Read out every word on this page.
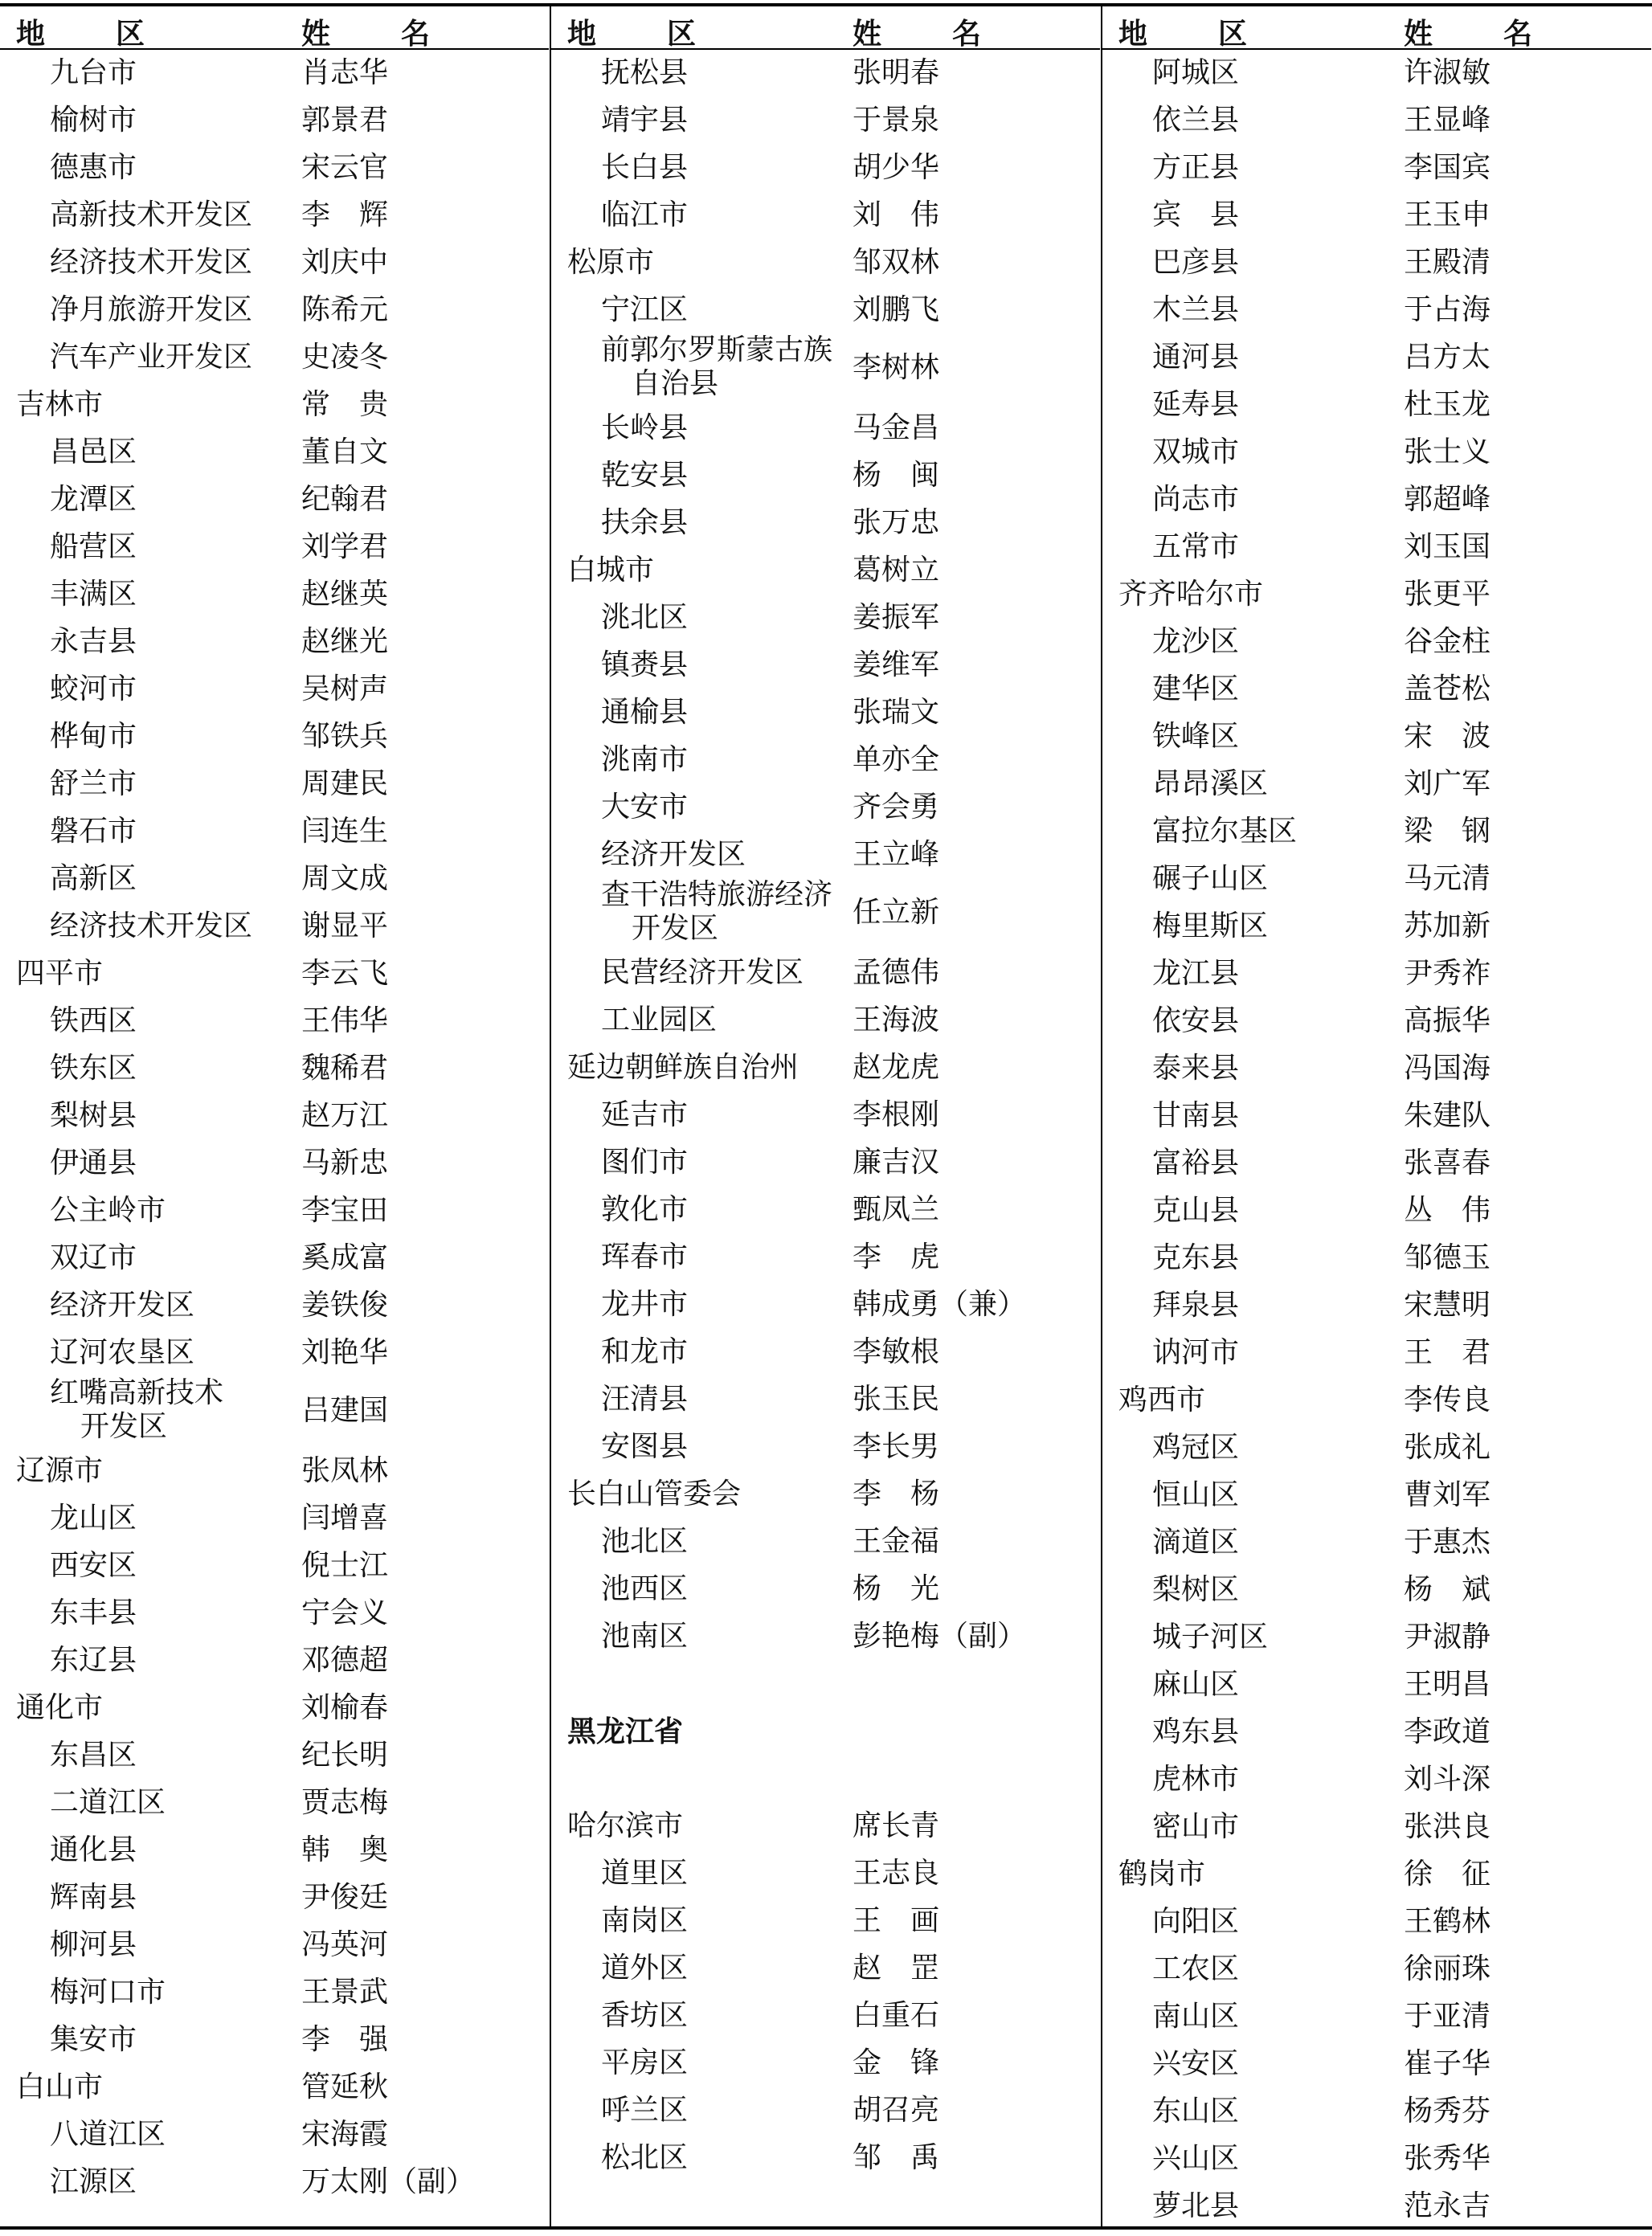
地　区	姓　名
九台市	肖志华
榆树市	郭景君
德惠市	宋云官
高新技术开发区 李　辉
经济技术开发区 刘庆中
净月旅游开发区 陈希元
汽车产业开发区 史凌冬
吉林市	常　贵
昌邑区	董自文
龙潭区	纪翰君
船营区	刘学君
丰满区	赵继英
永吉县	赵继光
蛟河市	吴树声
桦甸市	邹铁兵
舒兰市	周建民
磐石市	闫连生
高新区	周文成
经济技术开发区 谢显平
四平市	李云飞
铁西区	王伟华
铁东区	魏稀君
梨树县	赵万江
伊通县	马新忠
公主岭市	李宝田
双辽市	奚成富
经济开发区	姜铁俊
辽河农垦区	刘艳华
红嘴高新技术
开发区	吕建国
辽源市	张凤林
龙山区	闫增喜
西安区	倪士江
东丰县	宁会义
东辽县	邓德超
通化市	刘榆春
东昌区	纪长明
二道江区	贾志梅
通化县	韩　奥
辉南县	尹俊廷
柳河县	冯英河
梅河口市	王景武
集安市	李　强
白山市	管延秋
八道江区	宋海霞
江源区	万太刚（副）
地　区	姓　名
抚松县	张明春
靖宇县	于景泉
长白县	胡少华
临江市	刘　伟
松原市	邹双林
宁江区	刘鹏飞
前郭尔罗斯蒙古族
自治县	李树林
长岭县	马金昌
乾安县	杨　闽
扶余县	张万忠
白城市	葛树立
洮北区	姜振军
镇赉县	姜维军
通榆县	张瑞文
洮南市	单亦全
大安市	齐会勇
经济开发区	王立峰
查干浩特旅游经济
开发区	任立新
民营经济开发区 孟德伟
工业园区	王海波
延边朝鲜族自治州 赵龙虎
延吉市	李根刚
图们市	廉吉汉
敦化市	甄凤兰
珲春市	李　虎
龙井市	韩成勇（兼）
和龙市	李敏根
汪清县	张玉民
安图县	李长男
长白山管委会	李　杨
池北区	王金福
池西区	杨　光
池南区	彭艳梅（副）
黑龙江省
哈尔滨市	席长青
道里区	王志良
南岗区	王　画
道外区	赵　罡
香坊区	白重石
平房区	金　锋
呼兰区	胡召亮
松北区	邹　禹
地　区	姓　名
阿城区	许淑敏
依兰县	王显峰
方正县	李国宾
宾　县	王玉申
巴彦县	王殿清
木兰县	于占海
通河县	吕方太
延寿县	杜玉龙
双城市	张士义
尚志市	郭超峰
五常市	刘玉国
齐齐哈尔市	张更平
龙沙区	谷金柱
建华区	盖苍松
铁峰区	宋　波
昂昂溪区	刘广军
富拉尔基区	梁　钢
碾子山区	马元清
梅里斯区	苏加新
龙江县	尹秀祚
依安县	高振华
泰来县	冯国海
甘南县	朱建队
富裕县	张喜春
克山县	丛　伟
克东县	邹德玉
拜泉县	宋慧明
讷河市	王　君
鸡西市	李传良
鸡冠区	张成礼
恒山区	曹刘军
滴道区	于惠杰
梨树区	杨　斌
城子河区	尹淑静
麻山区	王明昌
鸡东县	李政道
虎林市	刘斗深
密山市	张洪良
鹤岗市	徐　征
向阳区	王鹤林
工农区	徐丽珠
南山区	于亚清
兴安区	崔子华
东山区	杨秀芬
兴山区	张秀华
萝北县	范永吉
